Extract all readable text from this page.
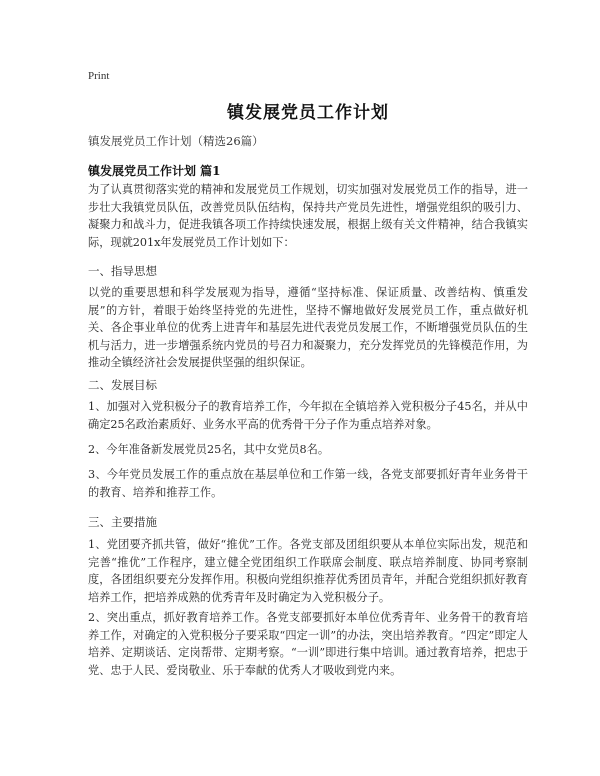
Print
镇发展党员工作计划
镇发展党员工作计划（精选26篇）
镇发展党员工作计划 篇1

为了认真贯彻落实党的精神和发展党员工作规划，切实加强对发展党员工作的指导，进一步壮大我镇党员队伍，改善党员队伍结构，保持共产党员先进性，增强党组织的吸引力、凝聚力和战斗力，促进我镇各项工作持续快速发展，根据上级有关文件精神，结合我镇实际，现就201x年发展党员工作计划如下：

一、指导思想

以党的重要思想和科学发展观为指导，遵循“坚持标准、保证质量、改善结构、慎重发展”的方针，着眼于始终坚持党的先进性，坚持不懈地做好发展党员工作，重点做好机关、各企事业单位的优秀上进青年和基层先进代表党员发展工作，不断增强党员队伍的生机与活力，进一步增强系统内党员的号召力和凝聚力，充分发挥党员的先锋模范作用，为推动全镇经济社会发展提供坚强的组织保证。

二、发展目标

1、加强对入党积极分子的教育培养工作，今年拟在全镇培养入党积极分子45名，并从中确定25名政治素质好、业务水平高的优秀骨干分子作为重点培养对象。

2、今年准备新发展党员25名，其中女党员8名。

3、今年党员发展工作的重点放在基层单位和工作第一线，各党支部要抓好青年业务骨干的教育、培养和推荐工作。

三、主要措施

1、党团要齐抓共管，做好“推优”工作。各党支部及团组织要从本单位实际出发，规范和完善“推优”工作程序，建立健全党团组织工作联席会制度、联点培养制度、协同考察制度，各团组织要充分发挥作用。积极向党组织推荐优秀团员青年，并配合党组织抓好教育培养工作，把培养成熟的优秀青年及时确定为入党积极分子。

2、突出重点，抓好教育培养工作。各党支部要抓好本单位优秀青年、业务骨干的教育培养工作，对确定的入党积极分子要采取“四定一训”的办法，突出培养教育。“四定”即定人培养、定期谈话、定岗帮带、定期考察。“一训”即进行集中培训。通过教育培养，把忠于党、忠于人民、爱岗敬业、乐于奉献的优秀人才吸收到党内来。
